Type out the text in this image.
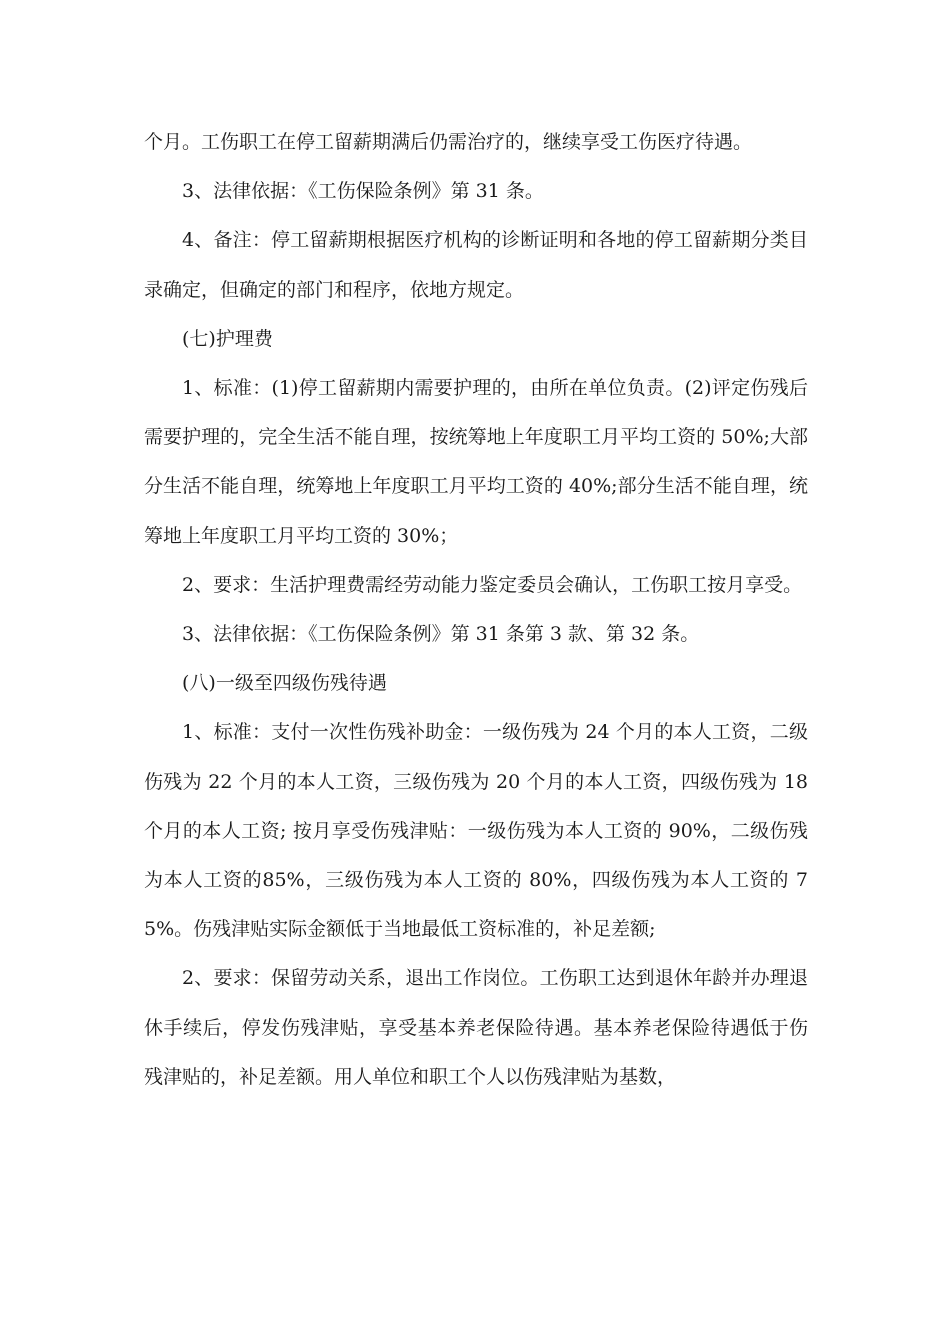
个月。工伤职工在停工留薪期满后仍需治疗的，继续享受工伤医疗待遇。

3、法律依据：《工伤保险条例》第 31 条。

4、备注：停工留薪期根据医疗机构的诊断证明和各地的停工留薪期分类目录确定，但确定的部门和程序，依地方规定。

(七)护理费

1、标准：(1)停工留薪期内需要护理的，由所在单位负责。(2)评定伤残后需要护理的，完全生活不能自理，按统筹地上年度职工月平均工资的 50%;大部分生活不能自理，统筹地上年度职工月平均工资的 40%;部分生活不能自理，统筹地上年度职工月平均工资的 30%；

2、要求：生活护理费需经劳动能力鉴定委员会确认，工伤职工按月享受。

3、法律依据：《工伤保险条例》第 31 条第 3 款、第 32 条。

(八)一级至四级伤残待遇

1、标准：支付一次性伤残补助金：一级伤残为 24 个月的本人工资，二级伤残为 22 个月的本人工资，三级伤残为 20 个月的本人工资，四级伤残为 18 个月的本人工资; 按月享受伤残津贴：一级伤残为本人工资的 90%，二级伤残为本人工资的85%，三级伤残为本人工资的 80%，四级伤残为本人工资的 75%。伤残津贴实际金额低于当地最低工资标准的，补足差额;

2、要求：保留劳动关系，退出工作岗位。工伤职工达到退休年龄并办理退休手续后，停发伤残津贴，享受基本养老保险待遇。基本养老保险待遇低于伤残津贴的，补足差额。用人单位和职工个人以伤残津贴为基数，
